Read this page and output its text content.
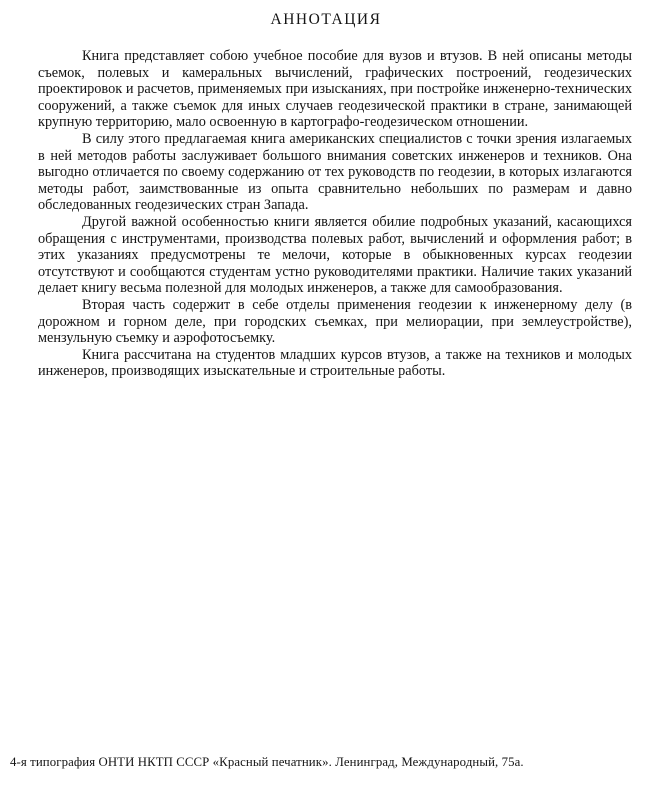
АННОТАЦИЯ

Книга представляет собою учебное пособие для вузов и втузов. В ней описаны методы съемок, полевых и камеральных вычислений, графических построений, геодезических проектировок и расчетов, применяемых при изысканиях, при постройке инженерно-технических сооружений, а также съемок для иных случаев геодезической практики в стране, занимающей крупную территорию, мало освоенную в картографо-геодезическом отношении.

В силу этого предлагаемая книга американских специалистов с точки зрения излагаемых в ней методов работы заслуживает большого внимания советских инженеров и техников. Она выгодно отличается по своему содержанию от тех руководств по геодезии, в которых излагаются методы работ, заимствованные из опыта сравнительно небольших по размерам и давно обследованных геодезических стран Запада.

Другой важной особенностью книги является обилие подробных указаний, касающихся обращения с инструментами, производства полевых работ, вычислений и оформления работ; в этих указаниях предусмотрены те мелочи, которые в обыкновенных курсах геодезии отсутствуют и сообщаются студентам устно руководителями практики. Наличие таких указаний делает книгу весьма полезной для молодых инженеров, а также для самообразования.

Вторая часть содержит в себе отделы применения геодезии к инженерному делу (в дорожном и горном деле, при городских съемках, при мелиорации, при землеустройстве), мензульную съемку и аэрофотосъемку.

Книга рассчитана на студентов младших курсов втузов, а также на техников и молодых инженеров, производящих изыскательные и строительные работы.

4-я типография ОНТИ НКТП СССР «Красный печатник». Ленинград, Международный, 75а.
